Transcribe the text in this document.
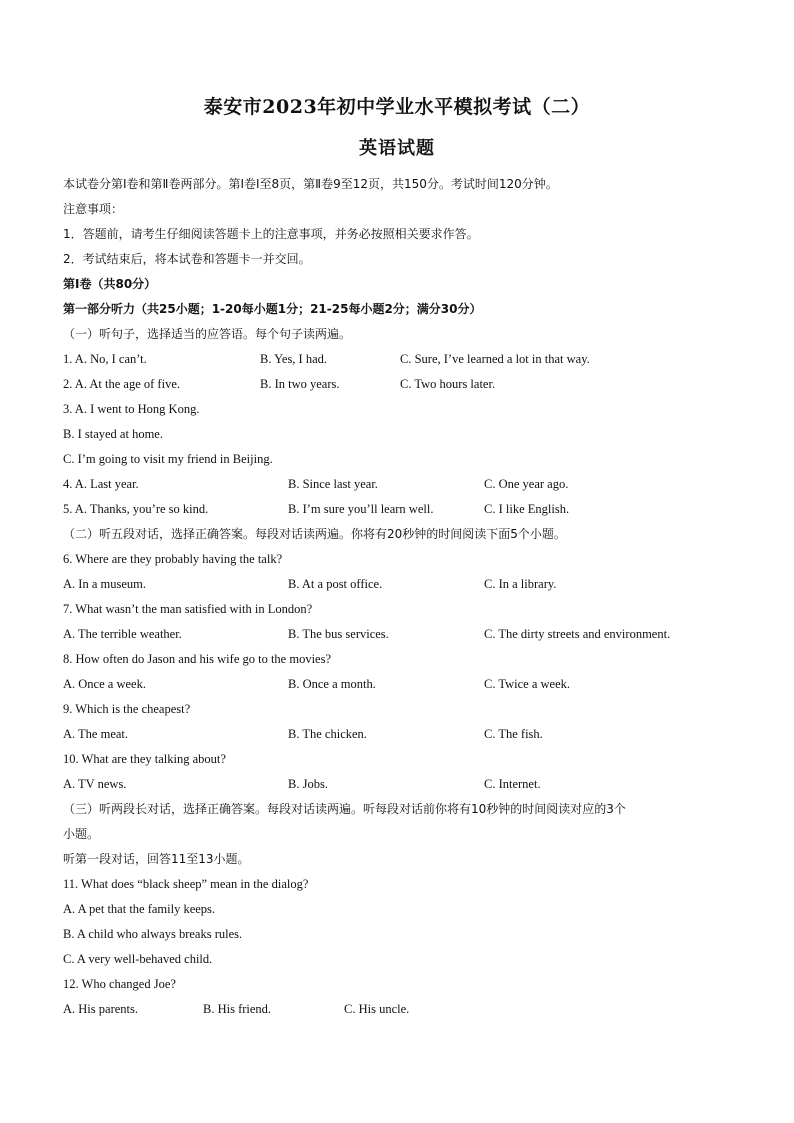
泰安市2023年初中学业水平模拟考试（二）
英语试题
本试卷分第Ⅰ卷和第Ⅱ卷两部分。第Ⅰ卷Ⅰ至8页，第Ⅱ卷9至12页，共150分。考试时间120分钟。
注意事项：
1．答题前，请考生仔细阅读答题卡上的注意事项，并务必按照相关要求作答。
2．考试结束后，将本试卷和答题卡一并交回。
第Ⅰ卷（共80分）
第一部分听力（共25小题；1-20每小题1分；21-25每小题2分；满分30分）
（一）听句子，选择适当的应答语。每个句子读两遍。
1. A. No, I can’t.	B. Yes, I had.	C. Sure, I’ve learned a lot in that way.
2. A. At the age of five.	B. In two years.	C. Two hours later.
3. A. I went to Hong Kong.
B. I stayed at home.
C. I’m going to visit my friend in Beijing.
4. A. Last year.	B. Since last year.	C. One year ago.
5. A. Thanks, you’re so kind.	B. I’m sure you’ll learn well.	C. I like English.
（二）听五段对话，选择正确答案。每段对话读两遍。你将有20秒钟的时间阅读下面5个小题。
6. Where are they probably having the talk?
A. In a museum.	B. At a post office.	C. In a library.
7. What wasn’t the man satisfied with in London?
A. The terrible weather.	B. The bus services.	C. The dirty streets and environment.
8. How often do Jason and his wife go to the movies?
A. Once a week.	B. Once a month.	C. Twice a week.
9. Which is the cheapest?
A. The meat.	B. The chicken.	C. The fish.
10. What are they talking about?
A. TV news.	B. Jobs.	C. Internet.
（三）听两段长对话，选择正确答案。每段对话读两遍。听每段对话前你将有10秒钟的时间阅读对应的3个
小题。
听第一段对话，回答11至13小题。
11. What does “black sheep” mean in the dialog?
A. A pet that the family keeps.
B. A child who always breaks rules.
C. A very well-behaved child.
12. Who changed Joe?
A. His parents.	B. His friend.	C. His uncle.
